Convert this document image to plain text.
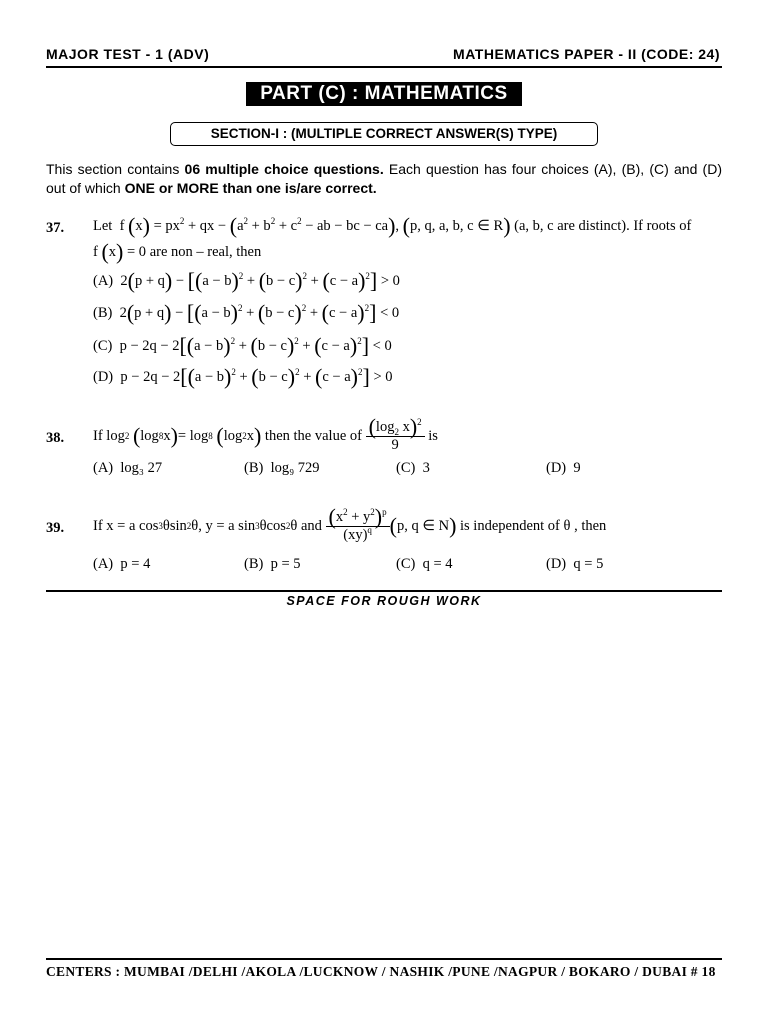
MAJOR TEST - 1 (ADV)	MATHEMATICS PAPER - II (CODE: 24)
PART (C) : MATHEMATICS
SECTION-I : (MULTIPLE CORRECT ANSWER(S) TYPE)
This section contains 06 multiple choice questions. Each question has four choices (A), (B), (C) and (D) out of which ONE or MORE than one is/are correct.
37. Let  f $(x) = px^2$ + qx − ($a^2 + b^2 + c^2$ − ab − bc − ca), (p, q, a, b, c ∈ R) (a, b, c are distinct). If roots of
f (x) = 0 are non – real, then
(A)  $2(p + q) - [(a - b)^2 + (b - c)^2 + (c - a)^2] > 0$
(B)  $2(p + q) - [(a - b)^2 + (b - c)^2 + (c - a)^2] < 0$
(C)  $p - 2q - 2[(a - b)^2 + (b - c)^2 + (c - a)^2] < 0$
(D)  $p - 2q - 2[(a - b)^2 + (b - c)^2 + (c - a)^2] > 0$
38. If log 2
( log 8 x ) = log 8
( log 2 x )
then the value of
$\frac{(\log_2 x)^2}{9}$
is
(A) log₃ 27	(B) log₉ 729	(C) 3	(D) 9
39. If x = a cos 3 θsin 2 θ, y = a sin 3 θcos 2 θ and
$\frac{(x^2 + y^2)^p}{(xy)^q}$ ( p, q ∈ N )
is independent of θ , then
(A) p = 4	(B) p = 5	(C) q = 4	(D) q = 5
SPACE FOR ROUGH WORK
CENTERS : MUMBAI /DELHI /AKOLA /LUCKNOW / NASHIK /PUNE /NAGPUR / BOKARO / DUBAI # 18
